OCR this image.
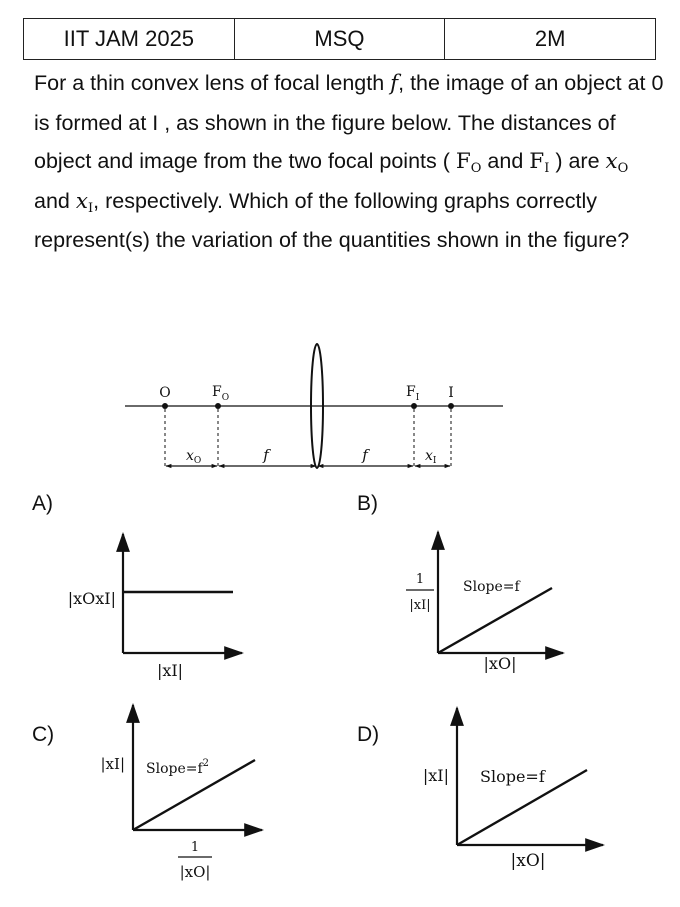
IIT JAM 2025	MSQ	2M

For a thin convex lens of focal length f, the image of an object at 0 is formed at I , as shown in the figure below. The distances of object and image from the two focal points ( $F_O$ and $F_I$ ) are $x_O$ and $x_I$, respectively. Which of the following graphs correctly represent(s) the variation of the quantities shown in the figure?

O	$F_O$	$F_I$ I
$x_O$	f	f	$x_I$
|xOxI|
|xI|
1
|xI|
Slope=f
|xO|
|xI| $Slope=f^2$
1
|xO|
|xI| Slope=f
|xO|
A)	B)
C)	D)
